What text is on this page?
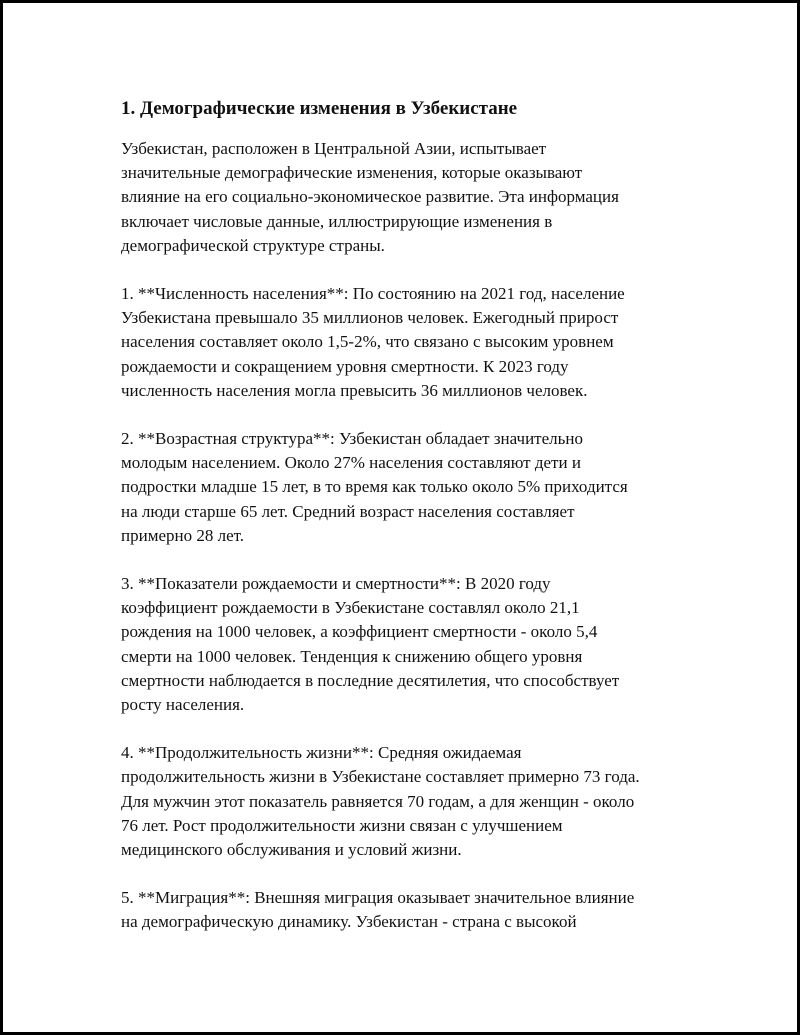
1. Демографические изменения в Узбекистане
Узбекистан, расположен в Центральной Азии, испытывает
значительные демографические изменения, которые оказывают
влияние на его социально-экономическое развитие. Эта информация
включает числовые данные, иллюстрирующие изменения в
демографической структуре страны.
1. **Численность населения**: По состоянию на 2021 год, население
Узбекистана превышало 35 миллионов человек. Ежегодный прирост
населения составляет около 1,5-2%, что связано с высоким уровнем
рождаемости и сокращением уровня смертности. К 2023 году
численность населения могла превысить 36 миллионов человек.
2. **Возрастная структура**: Узбекистан обладает значительно
молодым населением. Около 27% населения составляют дети и
подростки младше 15 лет, в то время как только около 5% приходится
на люди старше 65 лет. Средний возраст населения составляет
примерно 28 лет.
3. **Показатели рождаемости и смертности**: В 2020 году
коэффициент рождаемости в Узбекистане составлял около 21,1
рождения на 1000 человек, а коэффициент смертности - около 5,4
смерти на 1000 человек. Тенденция к снижению общего уровня
смертности наблюдается в последние десятилетия, что способствует
росту населения.
4. **Продолжительность жизни**: Средняя ожидаемая
продолжительность жизни в Узбекистане составляет примерно 73 года.
Для мужчин этот показатель равняется 70 годам, а для женщин - около
76 лет. Рост продолжительности жизни связан с улучшением
медицинского обслуживания и условий жизни.
5. **Миграция**: Внешняя миграция оказывает значительное влияние
на демографическую динамику. Узбекистан - страна с высокой
